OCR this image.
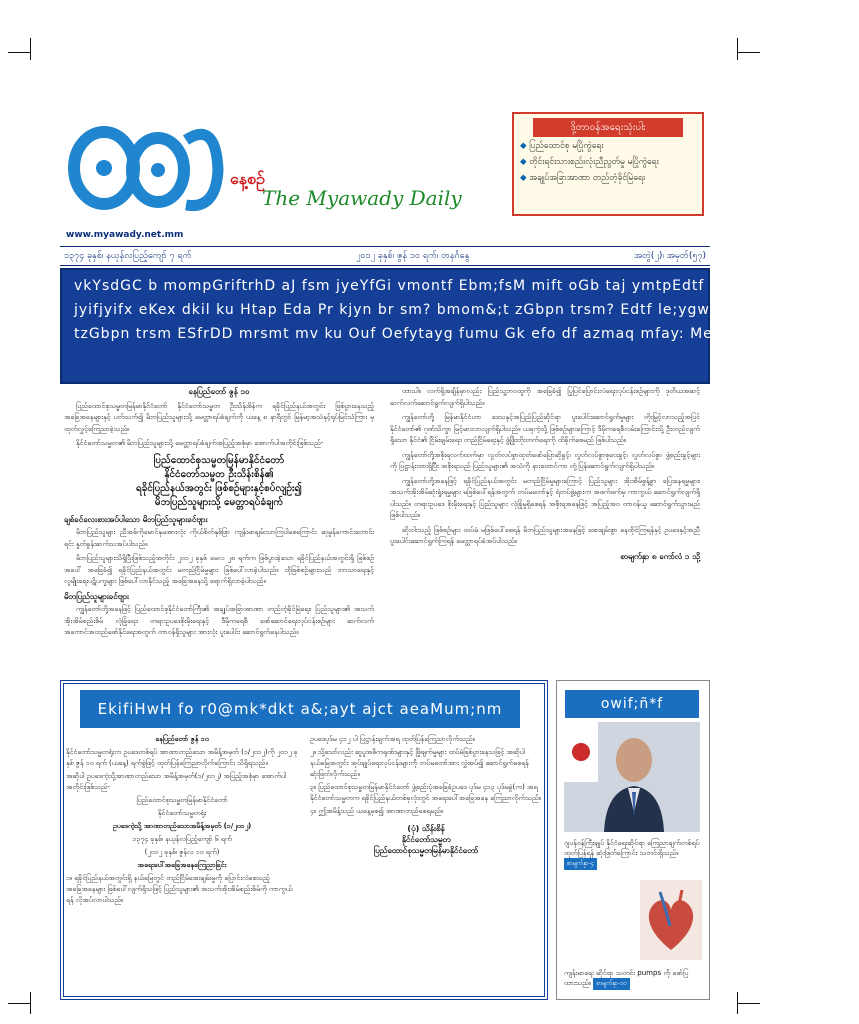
နေ့စဉ်
The Myawady Daily
www.myawady.net.mm
ဒို့တာဝန်အရေးသုံးပါး
◆ ပြည်ထောင်စု မပြိုကွဲရေး
◆ တိုင်းရင်းသားစည်းလုံးညီညွတ်မှု မပြိုကွဲရေး
◆ အချုပ်အခြာအာဏာ တည်တံ့ခိုင်မြဲရေး
၁၃၇၄ ခုနှစ်၊ နယုန်လပြည့်ကျော် ၇ ရက်	၂၀၁၂ ခုနှစ်၊ ဇွန် ၁၀ ရက်၊ တနင်္ဂနွေ	အတွဲ(၂)၊ အမှတ်(၅၇)
vkYsdGC b mompGriftrhD aJ fsm jyeYfGi vmontf Ebm;fsM mift oGb taj ymtpEdtf H zGbsu w uftay:
jyifjyifx eKex dkil ku Htap Eda Pr kjyn br sm? bmom&;t zGbpn trsm? Edtf le;ygw Dsm? vkuk wefpm
tzGbpn trsm ESfrDD mrsmt mv ku Ouf Oefytayg fumu Gk efo df azmaq mfay: MeJ&efarwmf&yf cH
နေပြည်တော် ဇွန် ၁၀

ပြည်ထောင်စုသမ္မတမြန်မာနိုင်ငံတော် နိုင်ငံတော်သမ္မတ ဦးသိန်းစိန်က ရခိုင်ပြည်နယ်အတွင်း ဖြစ်ပွားနေသည့် အခြေအနေများနှင့် ပတ်သက်၍ မိဘပြည်သူများသို့ မေတ္တာရပ်ခံချက်ကို ယနေ့ ၈ နာရီတွင် မြန်မာ့အသံနှင့်ရုပ်မြင်သံကြား မှ ထုတ်လွှင့်ကြေညာခဲ့သည်။

နိုင်ငံတော်သမ္မတ၏ မိဘပြည်သူများသို့ မေတ္တာရပ်ခံချက်အပြည့်အစုံမှာ အောက်ပါအတိုင်းဖြစ်သည်-

ပြည်ထောင်စုသမ္မတမြန်မာနိုင်ငံတော်
နိုင်ငံတော်သမ္မတ ဦးသိန်းစိန်၏
ရခိုင်ပြည်နယ်အတွင်း ဖြစ်စဉ်များနှင့်စပ်လျဉ်း၍
မိဘပြည်သူများသို့ မေတ္တာရပ်ခံချက်
ချစ်ခင်လေးစားအပ်ပါသော မိဘပြည်သူများခင်ဗျား

မိဘပြည်သူများ ညီအစ်ကိုမောင်နှမအားလုံး ကိုယ်စိတ်နှစ်ဖြာ ကျန်းမာချမ်းသာကြပါစေကြောင်း ဆုမွန်ကောင်းတောင်းရင်း နှုတ်ခွန်းဆက်သအပ်ပါသည်။

မိဘပြည်သူများသိရှိပြီးဖြစ်သည့်အတိုင်း ၂၀၁၂ ခုနှစ် မေလ ၂၈ ရက်က ဖြစ်ပွားခဲ့သော ရခိုင်ပြည်နယ်အတွင်းရှိ ဖြစ်စဉ်အပေါ် အခြေခံ၍ ရခိုင်ပြည်နယ်အတွင်း မတည်ငြိမ်မှုများ ဖြစ်ပေါ်လာခဲ့ပါသည်။ ထိုဖြစ်စဉ်များသည် ဘာသာရေးနှင့် လူမျိုးရေးပဋိပက္ခများ ဖြစ်ပေါ်လာနိုင်သည့် အခြေအနေသို့ ရောက်ရှိလာခဲ့ပါသည်။

မိဘပြည်သူများခင်ဗျား

ကျွန်တော်တို့အနေဖြင့် ပြည်ထောင်စုနိုင်ငံတော်ကြီး၏ အချုပ်အခြာအာဏာ တည်တံ့ခိုင်မြဲရေး၊ ပြည်သူများ၏ အသက်အိုးအိမ်စည်းစိမ် လုံခြုံရေး၊ တရားဥပဒေစိုးမိုးရေးနှင့် ဒီမိုကရေစီ ဖော်ဆောင်ရေးလုပ်ငန်းစဉ်များ ဆက်လက်အကောင်အထည်ဖော်နိုင်ရေးအတွက် တာဝန်ရှိသူများ အားလုံး ပူးပေါင်း ဆောင်ရွက်နေပါသည်။

ထားပါ။ လက်ရှိအချိန်မှာလည်း ပြည်သူ့ဘဝထူကို အခြေခံ၍ ပြုပြင်ပြောင်းလဲရေးလုပ်ငန်းစဉ်များကို ဒုတိယအဆင့် ဆက်လက်ဆောင်ရွက်လျက်ရှိပါသည်။

ကျွန်တော်တို့ မြန်မာနိုင်ငံဟာ ဒေသနှင့်အပြည်ပြည်ဆိုင်ရာ ပူးပေါင်းဆောင်ရွက်မှုများ တိုးမြှင့်လာသည့်အပြင် နိုင်ငံတော်၏ ဂုဏ်သိက္ခာ မြင့်မားလာလျက်ရှိပါသည်။ ယခုကဲ့သို့ ဖြစ်စဉ်များကြောင့် ဒီမိုကရေစီလမ်းကြောင်းသို့ ဦးတည်လျက်ရှိသော နိုင်ငံ၏ ငြိမ်းချမ်းရေး၊ တည်ငြိမ်ရေးနှင့် ဖွံ့ဖြိုးတိုးတက်ရေးကို ထိခိုက်စေမည် ဖြစ်ပါသည်။

ကျွန်တော်တို့အစိုးရလက်ထက်မှာ လွတ်လပ်စွာထုတ်ဖော်ပြောဆိုခွင့်၊ လွတ်လပ်စွာစုဝေးခွင့်၊ လွတ်လပ်စွာ ဖွဲ့စည်းခွင့်များကို ပြဋ္ဌာန်းထားရှိပြီး အစိုးရသည် ပြည်သူများ၏ အသံကို နားထောင်ကာ တုံ့ပြန်ဆောင်ရွက်လျက်ရှိပါသည်။

ကျွန်တော်တို့အနေဖြင့် ရခိုင်ပြည်နယ်အတွင်း မတည်ငြိမ်မှုများကြောင့် ပြည်သူများ အိုးအိမ်စွန့်ခွာ ပြေးနေရမှုများ၊ အသက်အိုးအိမ်ဆုံးရှုံးရမှုများ မဖြစ်ပေါ်ရန်အတွက် တပ်မတော်နှင့် ရဲတပ်ဖွဲ့များက အဖက်ဖက်မှ ကာကွယ် ဆောင်ရွက်လျက်ရှိပါသည်။ တရားဥပဒေ စိုးမိုးရေးနှင့် ပြည်သူများ လုံခြုံမှုရှိစေရန် အစိုးရအနေဖြင့် အပြည့်အဝ တာဝန်ယူ ဆောင်ရွက်သွားမည် ဖြစ်ပါသည်။

ဆိုးဝါးသည့် ဖြစ်စဉ်များ ထပ်မံ မဖြစ်ပေါ်စေရန် မိဘပြည်သူများအနေဖြင့် အေးချမ်းစွာ နေထိုင်ကြရန်နှင့် ဥပဒေနှင့်အညီ ပူးပေါင်းဆောင်ရွက်ကြရန် မေတ္တာရပ်ခံအပ်ပါသည်။

စာမျက်နှာ ၈ ကော်လံ ၁ သို့
EkifiHwH fo r0@mk*dkt a&;ayt ajct aeaMum;nm

နေပြည်တော် ဇွန် ၁၀

နိုင်ငံတော်သမ္မတရုံးက ဥပဒေတစ်ရပ် အာဏာတည်သော အမိန့်အမှတ် (၁/၂၀၁၂)ကို ၂၀၁၂ ခုနှစ် ဇွန် ၁၀ ရက် (ယနေ့) ရက်စွဲဖြင့် ထုတ်ပြန်ကြေညာလိုက်ကြောင်း သိရှိရသည်။

အဆိုပါ ဥပဒေကဲ့သို့အာဏာတည်သော အမိန့်အမှတ်(၁/၂၀၁၂) အပြည့်အစုံမှာ အောက်ပါအတိုင်းဖြစ်သည်-

ပြည်ထောင်စုသမ္မတမြန်မာနိုင်ငံတော်

နိုင်ငံတော်သမ္မတရုံး

ဥပဒေကဲ့သို့ အာဏာတည်သောအမိန့်အမှတ် (၁/၂၀၁၂)

၁၃၇၄ ခုနှစ်၊ နယုန်လပြည့်ကျော် ၆ ရက်

(၂၀၁၂ ခုနှစ်၊ ဇွန်လ ၁၀ ရက်)

အရေးပေါ်အခြေအနေကြေညာခြင်း

၁။ ရခိုင်ပြည်နယ်အတွင်းရှိ နယ်မြေတွင် တည်ငြိမ်အေးချမ်းမှုကို ပြောင်းလဲစေသည့် အခြေအနေများ ဖြစ်ပေါ်လျက်ရှိသဖြင့် ပြည်သူများ၏ အသက်အိုးအိမ်စည်းစိမ်ကို ကာကွယ်ရန် လိုအပ်လာပါသည်။

ဥပဒေပုဒ်မ ၄၁၂ ပါ ပြဋ္ဌာန်းချက်အရ ထုတ်ပြန်ကြေညာလိုက်သည်။

၂။ သို့သော်လည်း ဆူပူအဓိကရုဏ်းများနှင့် ဖြိုဖျက်မှုများ ထပ်မံဖြစ်ပွားနေသဖြင့် အဆိုပါနယ်မြေအတွင်း အုပ်ချုပ်ရေးလုပ်ငန်းများကို တပ်မတော်အား လွှဲအပ်၍ ဆောင်ရွက်စေရန် ဆုံးဖြတ်လိုက်သည်။

၃။ ပြည်ထောင်စုသမ္မတမြန်မာနိုင်ငံတော် ဖွဲ့စည်းပုံအခြေခံဥပဒေ ပုဒ်မ ၄၁၃ ပုဒ်မခွဲ(က) အရ နိုင်ငံတော်သမ္မတက ရခိုင်ပြည်နယ်တစ်ခုလုံးတွင် အရေးပေါ်အခြေအနေ ကြေညာလိုက်သည်။

၄။ ဤအမိန့်သည် ယနေ့မှစ၍ အာဏာတည်စေရမည်။

(ပုံ) သိန်းစိန်
နိုင်ငံတော်သမ္မတ
ပြည်ထောင်စုသမ္မတမြန်မာနိုင်ငံတော်
owif;ñ*f
ဂျပန်ဝန်ကြီးချုပ် နိုင်ငံရေးဆိုင်ရာ ကြေညာချက်တစ်ရပ် ထုတ်ပြန်ရန် ဆုံးဖြတ်ကြောင်း သတင်းရှိသည်။ စာမျက်နှာ-၄
ကျန်းမာရေး ဆိုင်ရာ သတင်း pumps ကို ဖော်ပြထားသည်။ စာမျက်နှာ-၁၀
